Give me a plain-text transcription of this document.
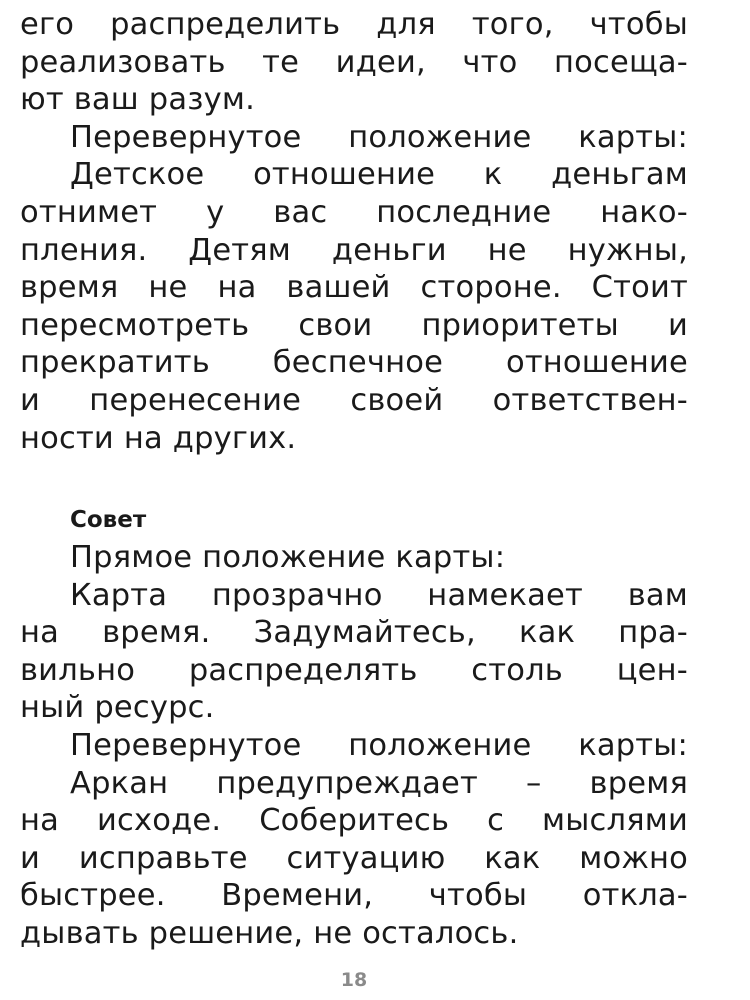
его распределить для того, чтобы
реализовать те идеи, что посеща-
ют ваш разум.
Перевернутое положение карты:
Детское отношение к деньгам
отнимет у вас последние нако-
пления. Детям деньги не нужны,
время не на вашей стороне. Стоит
пересмотреть свои приоритеты и
прекратить беспечное отношение
и перенесение своей ответствен-
ности на других.
Совет
Прямое положение карты:
Карта прозрачно намекает вам
на время. Задумайтесь, как пра-
вильно распределять столь цен-
ный ресурс.
Перевернутое положение карты:
Аркан предупреждает – время
на исходе. Соберитесь с мыслями
и исправьте ситуацию как можно
быстрее. Времени, чтобы откла-
дывать решение, не осталось.
18
